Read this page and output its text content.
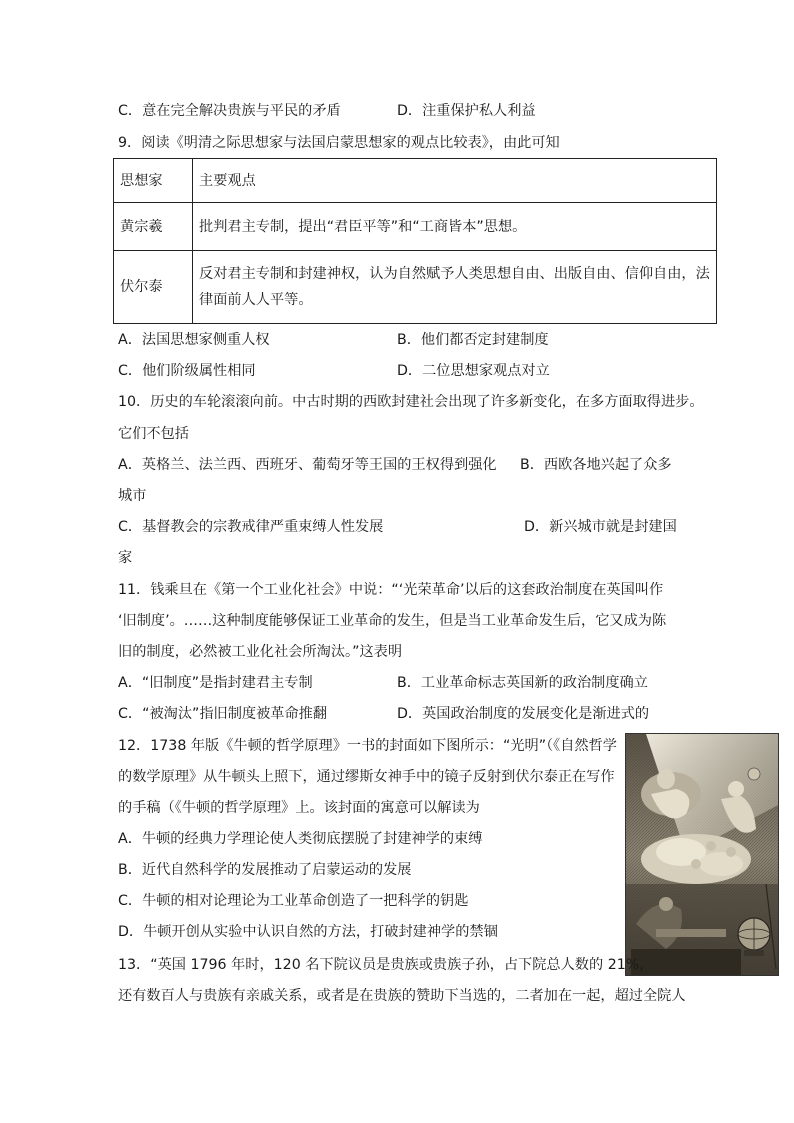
C．意在完全解决贵族与平民的矛盾	D．注重保护私人利益
9．阅读《明清之际思想家与法国启蒙思想家的观点比较表》，由此可知
思想家	主要观点
黄宗羲	批判君主专制，提出“君臣平等”和“工商皆本”思想。

伏尔泰	反对君主专制和封建神权，认为自然赋予人类思想自由、出版自由、信仰自由，法
律面前人人平等。
A．法国思想家侧重人权	B．他们都否定封建制度
C．他们阶级属性相同	D．二位思想家观点对立
10．历史的车轮滚滚向前。中古时期的西欧封建社会出现了许多新变化，在多方面取得进步。
它们不包括
A．英格兰、法兰西、西班牙、葡萄牙等王国的王权得到强化 B．西欧各地兴起了众多
城市
C．基督教会的宗教戒律严重束缚人性发展	D．新兴城市就是封建国
家
11．钱乘旦在《第一个工业化社会》中说：“‘光荣革命’以后的这套政治制度在英国叫作
‘旧制度’。……这种制度能够保证工业革命的发生，但是当工业革命发生后，它又成为陈
旧的制度，必然被工业化社会所淘汰。”这表明
A．“旧制度”是指封建君主专制	B．工业革命标志英国新的政治制度确立
C．“被淘汰”指旧制度被革命推翻	D．英国政治制度的发展变化是渐进式的
12．1738 年版《牛顿的哲学原理》一书的封面如下图所示：“光明”（《自然哲学
的数学原理》从牛顿头上照下，通过缪斯女神手中的镜子反射到伏尔泰正在写作
的手稿（《牛顿的哲学原理》上。该封面的寓意可以解读为
A．牛顿的经典力学理论使人类彻底摆脱了封建神学的束缚
B．近代自然科学的发展推动了启蒙运动的发展
C．牛顿的相对论理论为工业革命创造了一把科学的钥匙
D．牛顿开创从实验中认识自然的方法，打破封建神学的禁锢
13．“英国 1796 年时，120 名下院议员是贵族或贵族子孙，占下院总人数的 21%，
还有数百人与贵族有亲戚关系，或者是在贵族的赞助下当选的，二者加在一起，超过全院人
